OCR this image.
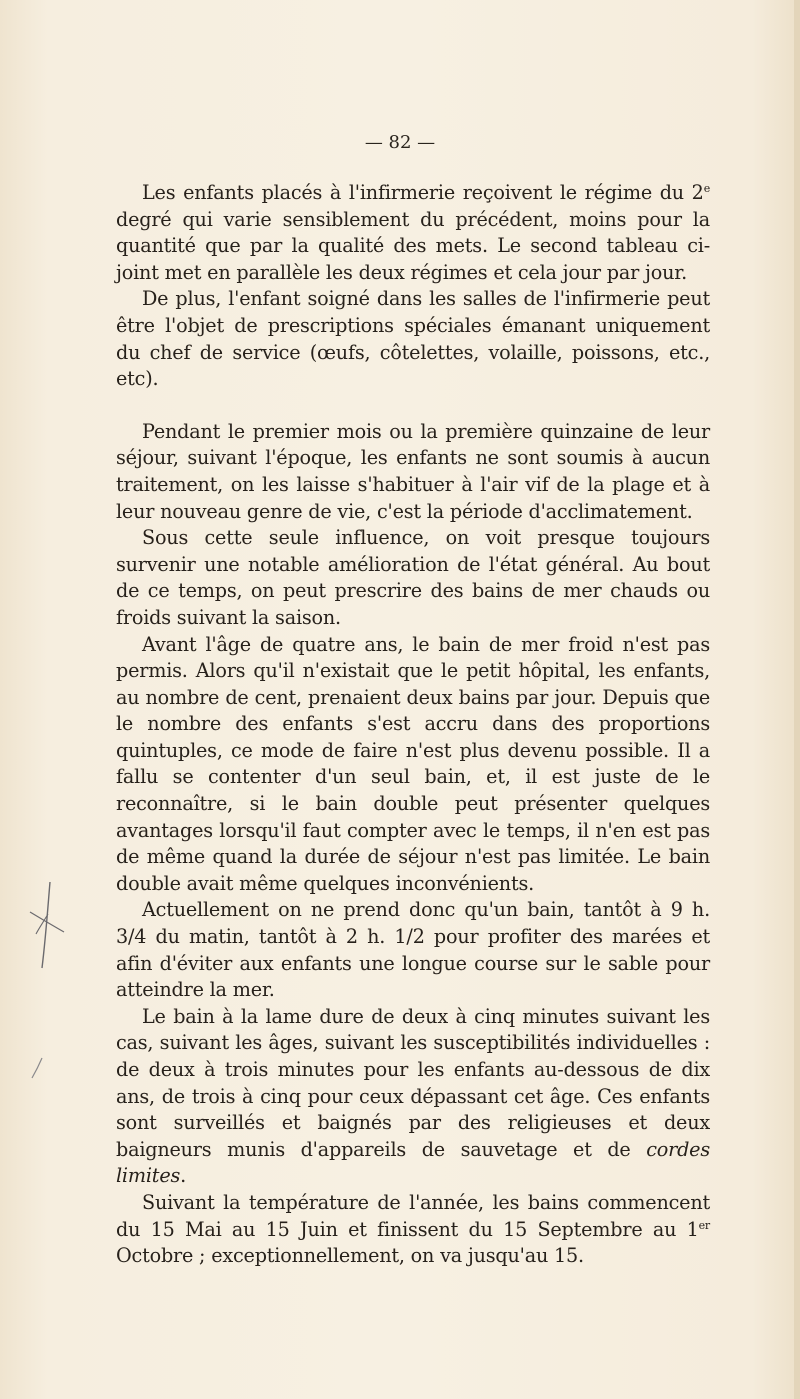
— 82 —

Les enfants placés à l'infirmerie reçoivent le régime du 2e degré qui varie sensiblement du précédent, moins pour la quantité que par la qualité des mets. Le second tableau ci-joint met en parallèle les deux régimes et cela jour par jour.

De plus, l'enfant soigné dans les salles de l'infirmerie peut être l'objet de prescriptions spéciales émanant uniquement du chef de service (œufs, côtelettes, volaille, poissons, etc., etc).

Pendant le premier mois ou la première quinzaine de leur séjour, suivant l'époque, les enfants ne sont soumis à aucun traitement, on les laisse s'habituer à l'air vif de la plage et à leur nouveau genre de vie, c'est la période d'acclimatement.

Sous cette seule influence, on voit presque toujours survenir une notable amélioration de l'état général. Au bout de ce temps, on peut prescrire des bains de mer chauds ou froids suivant la saison.

Avant l'âge de quatre ans, le bain de mer froid n'est pas permis. Alors qu'il n'existait que le petit hôpital, les enfants, au nombre de cent, prenaient deux bains par jour. Depuis que le nombre des enfants s'est accru dans des proportions quintuples, ce mode de faire n'est plus devenu possible. Il a fallu se contenter d'un seul bain, et, il est juste de le reconnaître, si le bain double peut présenter quelques avantages lorsqu'il faut compter avec le temps, il n'en est pas de même quand la durée de séjour n'est pas limitée. Le bain double avait même quelques inconvénients.

Actuellement on ne prend donc qu'un bain, tantôt à 9 h. 3/4 du matin, tantôt à 2 h. 1/2 pour profiter des marées et afin d'éviter aux enfants une longue course sur le sable pour atteindre la mer.

Le bain à la lame dure de deux à cinq minutes suivant les cas, suivant les âges, suivant les susceptibilités individuelles : de deux à trois minutes pour les enfants au-dessous de dix ans, de trois à cinq pour ceux dépassant cet âge. Ces enfants sont surveillés et baignés par des religieuses et deux baigneurs munis d'appareils de sauvetage et de cordes limites.

Suivant la température de l'année, les bains commencent du 15 Mai au 15 Juin et finissent du 15 Septembre au 1er Octobre ; exceptionnellement, on va jusqu'au 15.
